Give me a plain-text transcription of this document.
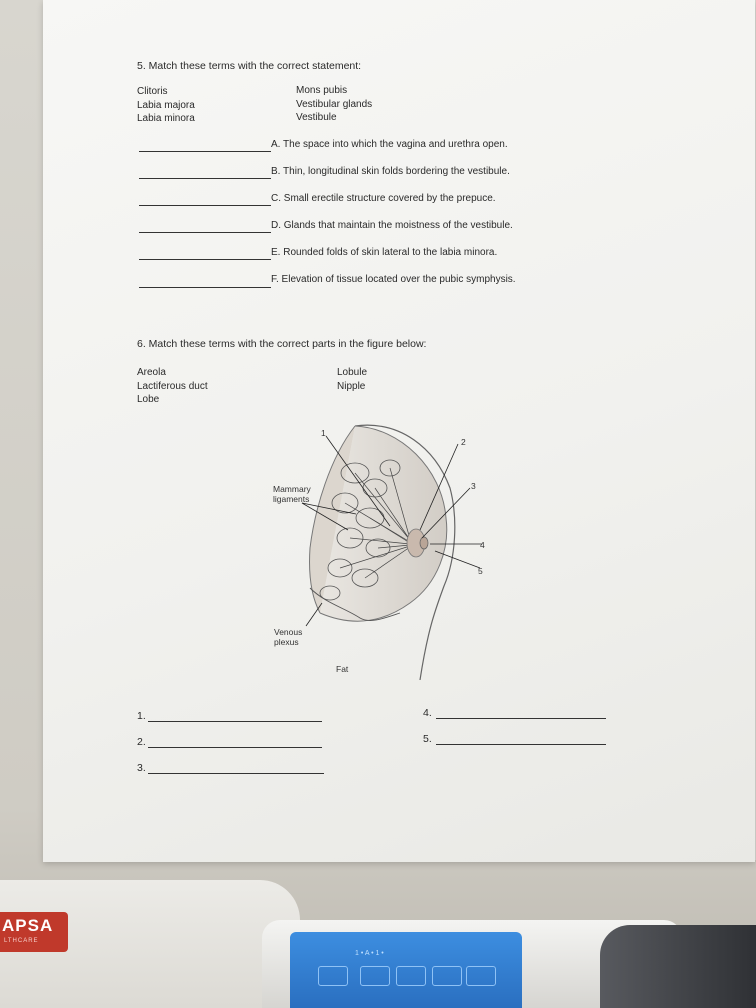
5. Match these terms with the correct statement:
Clitoris
Labia majora
Labia minora
Mons pubis
Vestibular glands
Vestibule
A. The space into which the vagina and urethra open.
B. Thin, longitudinal skin folds bordering the vestibule.
C. Small erectile structure covered by the prepuce.
D. Glands that maintain the moistness of the vestibule.
E. Rounded folds of skin lateral to the labia minora.
F. Elevation of tissue located over the pubic symphysis.
6. Match these terms with the correct parts in the figure below:
Areola
Lactiferous duct
Lobe
Lobule
Nipple
1
2
3
4
5
Mammary
ligaments
Venous
plexus
Fat
1.
2.
3.
4.
5.
APSA
LTHCARE
1 • A • 1 •
